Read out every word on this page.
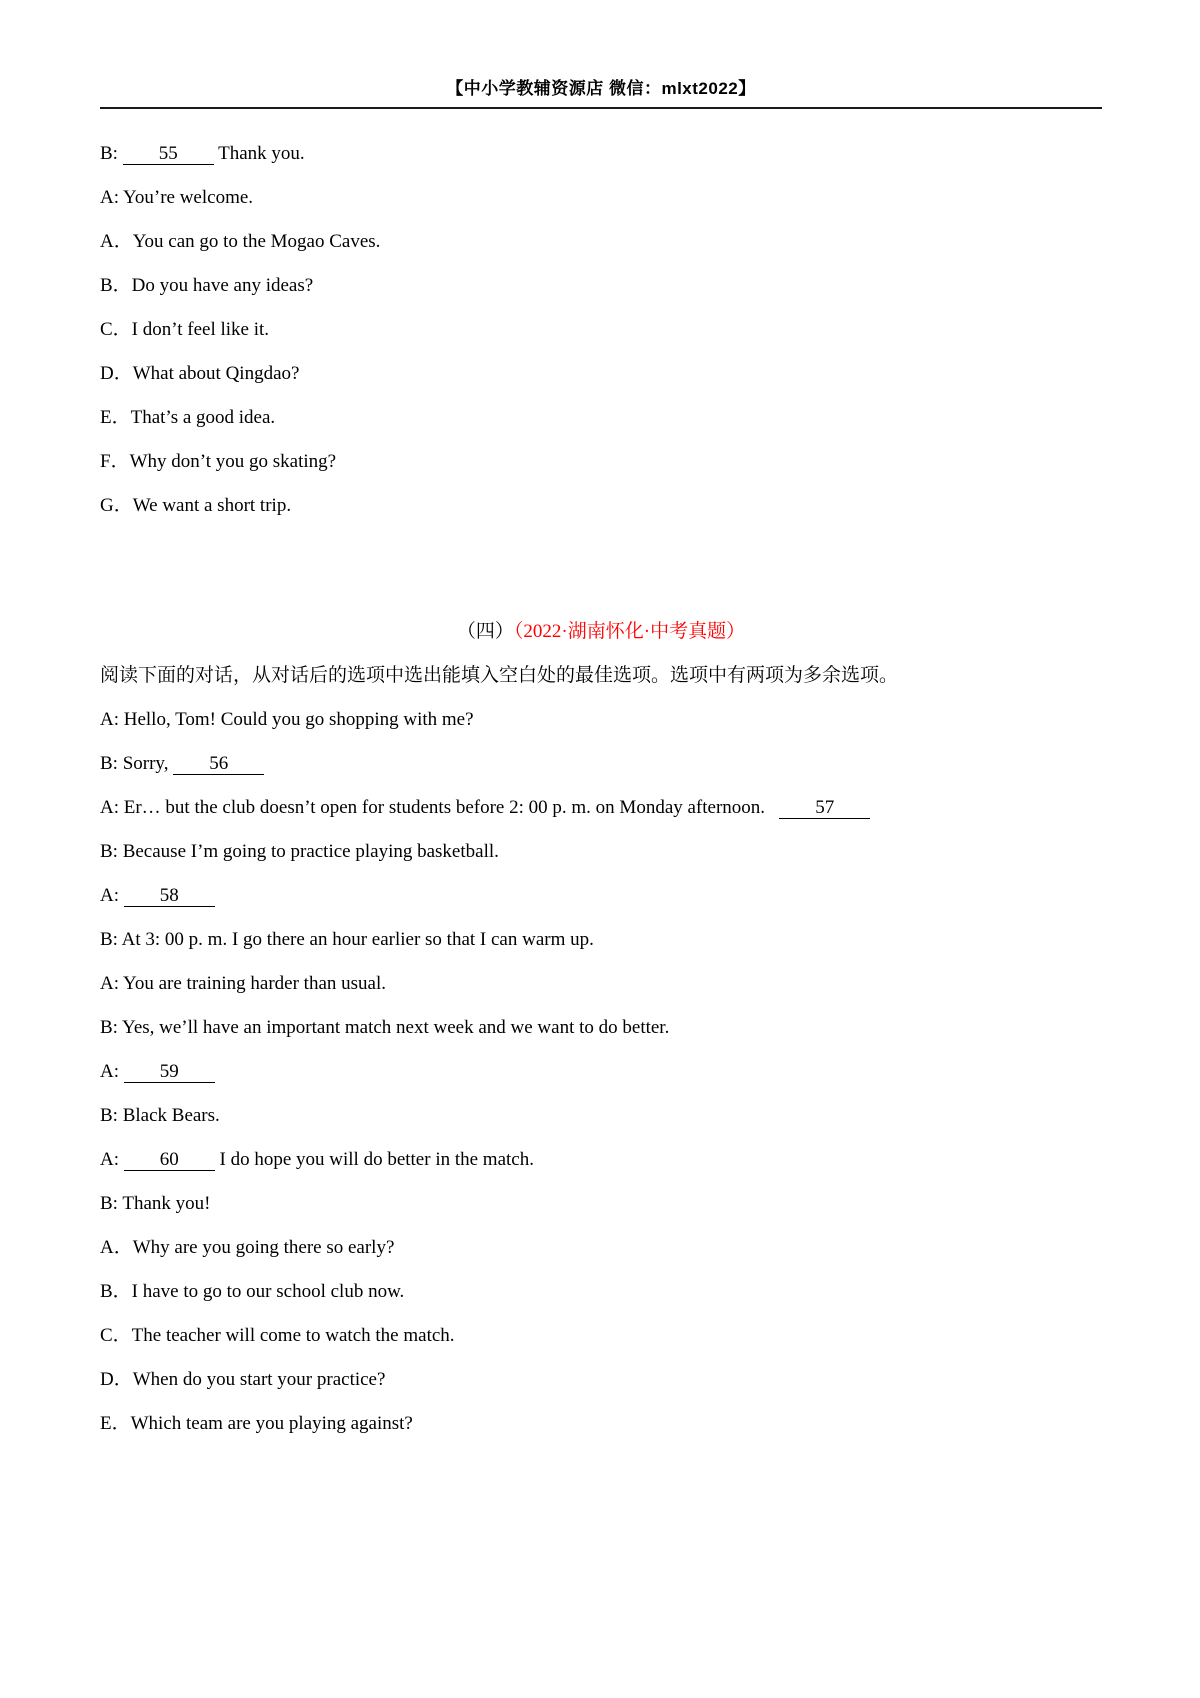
【中小学教辅资源店 微信：mlxt2022】

B: 55 Thank you.

A: You’re welcome.

A．You can go to the Mogao Caves.

B．Do you have any ideas?

C．I don’t feel like it.

D．What about Qingdao?

E．That’s a good idea.

F．Why don’t you go skating?

G．We want a short trip.

（四）（2022·湖南怀化·中考真题）

阅读下面的对话，从对话后的选项中选出能填入空白处的最佳选项。选项中有两项为多余选项。

A: Hello, Tom! Could you go shopping with me?

B: Sorry, 56

A: Er… but the club doesn’t open for students before 2: 00 p. m. on Monday afternoon.   57

B: Because I’m going to practice playing basketball.

A: 58

B: At 3: 00 p. m. I go there an hour earlier so that I can warm up.

A: You are training harder than usual.

B: Yes, we’ll have an important match next week and we want to do better.

A: 59

B: Black Bears.

A: 60 I do hope you will do better in the match.

B: Thank you!

A．Why are you going there so early?

B．I have to go to our school club now.

C．The teacher will come to watch the match.

D．When do you start your practice?

E．Which team are you playing against?
